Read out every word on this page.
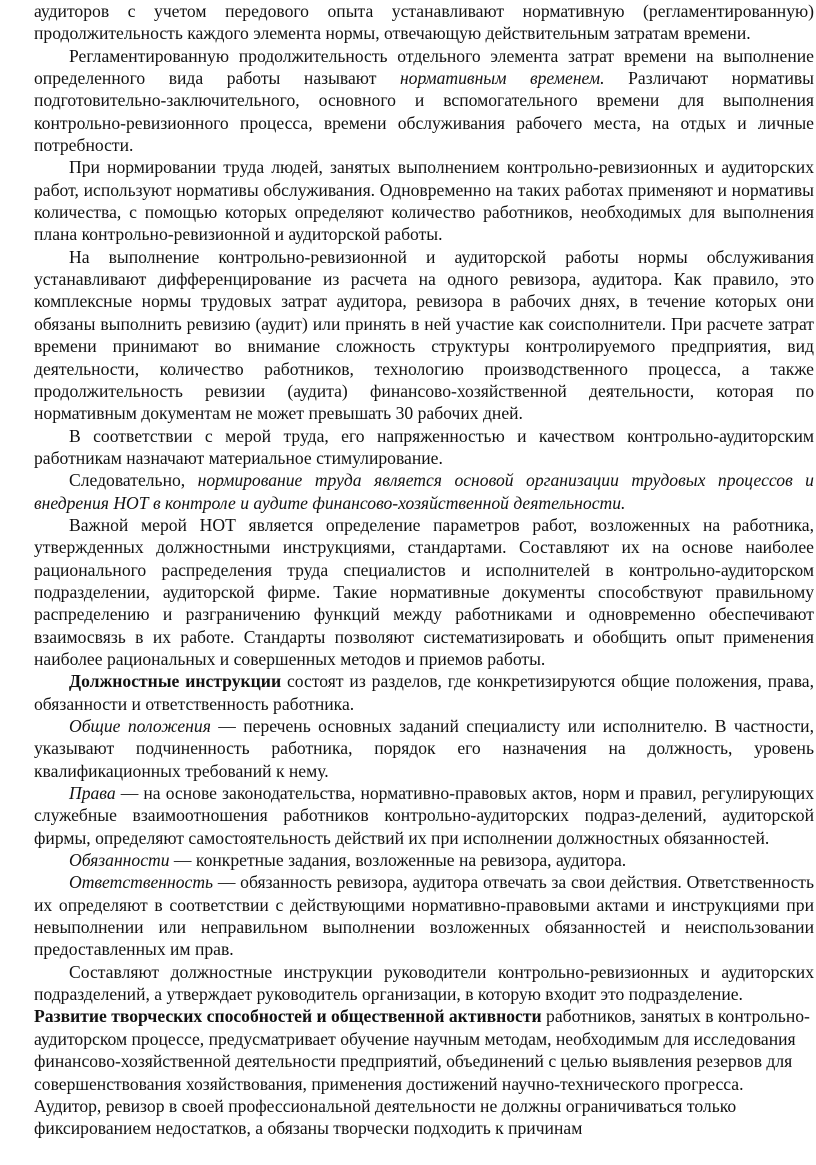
аудиторов с учетом передового опыта устанавливают нормативную (регламентированную) продолжительность каждого элемента нормы, отвечающую действительным затратам времени.

Регламентированную продолжительность отдельного элемента затрат времени на выполнение определенного вида работы называют нормативным временем. Различают нормативы подготовительно-заключительного, основного и вспомогательного времени для выполнения контрольно-ревизионного процесса, времени обслуживания рабочего места, на отдых и личные потребности.

При нормировании труда людей, занятых выполнением контрольно-ревизионных и аудиторских работ, используют нормативы обслуживания. Одновременно на таких работах применяют и нормативы количества, с помощью которых определяют количество работников, необходимых для выполнения плана контрольно-ревизионной и аудиторской работы.

На выполнение контрольно-ревизионной и аудиторской работы нормы обслуживания устанавливают дифференцирование из расчета на одного ревизора, аудитора. Как правило, это комплексные нормы трудовых затрат аудитора, ревизора в рабочих днях, в течение которых они обязаны выполнить ревизию (аудит) или принять в ней участие как соисполнители. При расчете затрат времени принимают во внимание сложность структуры контролируемого предприятия, вид деятельности, количество работников, технологию производственного процесса, а также продолжительность ревизии (аудита) финансово-хозяйственной деятельности, которая по нормативным документам не может превышать 30 рабочих дней.

В соответствии с мерой труда, его напряженностью и качеством контрольно-аудиторским работникам назначают материальное стимулирование.

Следовательно, нормирование труда является основой организации трудовых процессов и внедрения НОТ в контроле и аудите финансово-хозяйственной деятельности.

Важной мерой НОТ является определение параметров работ, возложенных на работника, утвержденных должностными инструкциями, стандартами. Составляют их на основе наиболее рационального распределения труда специалистов и исполнителей в контрольно-аудиторском подразделении, аудиторской фирме. Такие нормативные документы способствуют правильному распределению и разграничению функций между работниками и одновременно обеспечивают взаимосвязь в их работе. Стандарты позволяют систематизировать и обобщить опыт применения наиболее рациональных и совершенных методов и приемов работы.

Должностные инструкции состоят из разделов, где конкретизируются общие положения, права, обязанности и ответственность работника.

Общие положения — перечень основных заданий специалисту или исполнителю. В частности, указывают подчиненность работника, порядок его назначения на должность, уровень квалификационных требований к нему.

Права — на основе законодательства, нормативно-правовых актов, норм и правил, регулирующих служебные взаимоотношения работников контрольно-аудиторских подраз-делений, аудиторской фирмы, определяют самостоятельность действий их при исполнении должностных обязанностей.

Обязанности — конкретные задания, возложенные на ревизора, аудитора.

Ответственность — обязанность ревизора, аудитора отвечать за свои действия. Ответственность их определяют в соответствии с действующими нормативно-правовыми актами и инструкциями при невыполнении или неправильном выполнении возложенных обязанностей и неиспользовании предоставленных им прав.

Составляют должностные инструкции руководители контрольно-ревизионных и аудиторских подразделений, а утверждает руководитель организации, в которую входит это подразделение.

Развитие творческих способностей и общественной активности работников, занятых в контрольно-аудиторском процессе, предусматривает обучение научным методам, необходимым для исследования финансово-хозяйственной деятельности предприятий, объединений с целью выявления резервов для совершенствования хозяйствования, применения достижений научно-технического прогресса. Аудитор, ревизор в своей профессиональной деятельности не должны ограничиваться только фиксированием недостатков, а обязаны творчески подходить к причинам
